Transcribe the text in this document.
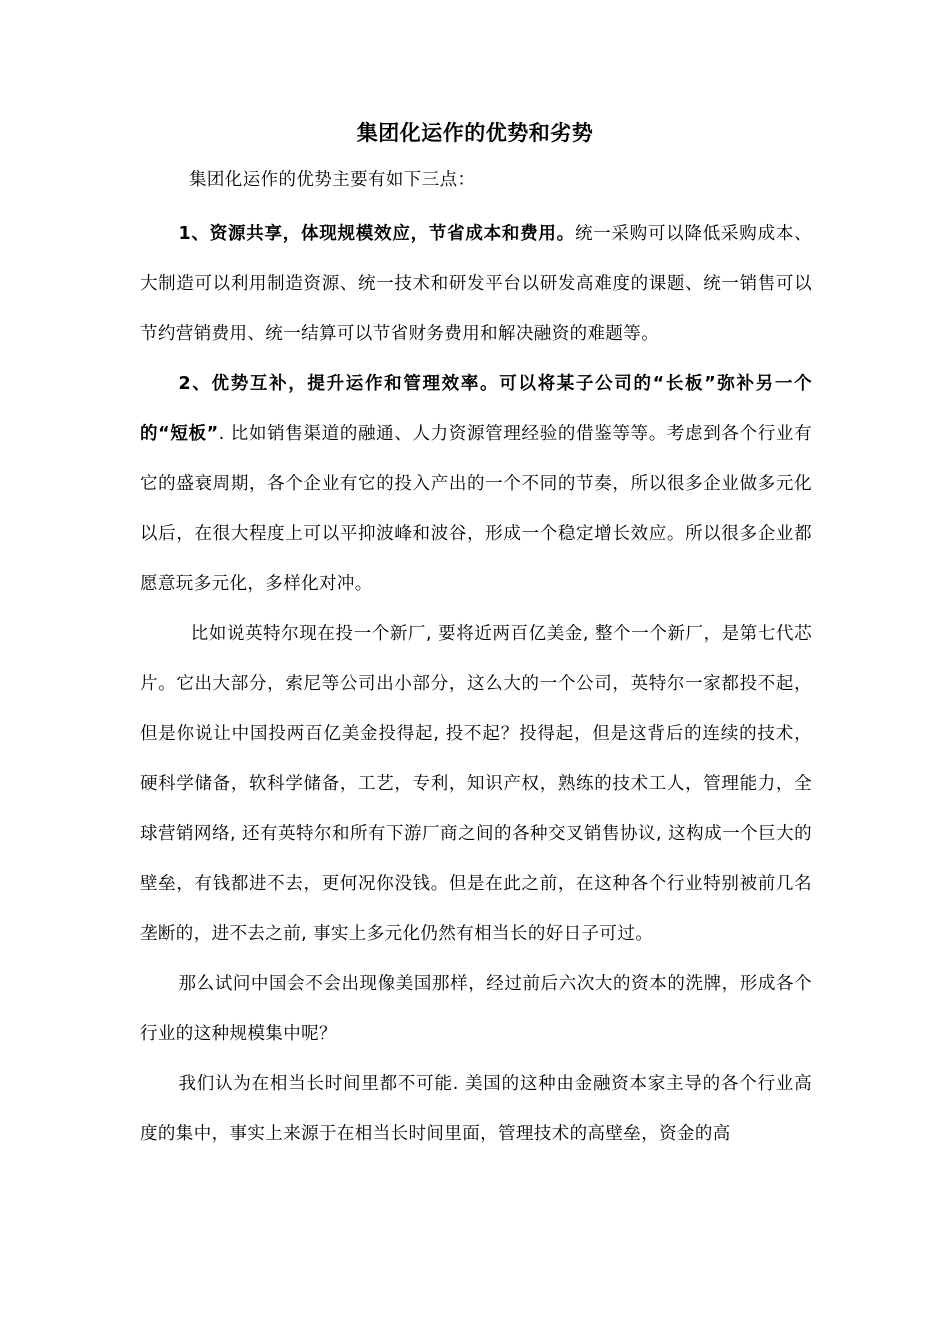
集团化运作的优势和劣势

集团化运作的优势主要有如下三点：

1、资源共享，体现规模效应，节省成本和费用。统一采购可以降低采购成本、大制造可以利用制造资源、统一技术和研发平台以研发高难度的课题、统一销售可以节约营销费用、统一结算可以节省财务费用和解决融资的难题等。

2、优势互补，提升运作和管理效率。可以将某子公司的“长板”弥补另一个的“短板”. 比如销售渠道的融通、人力资源管理经验的借鉴等等。考虑到各个行业有它的盛衰周期，各个企业有它的投入产出的一个不同的节奏，所以很多企业做多元化以后，在很大程度上可以平抑波峰和波谷，形成一个稳定增长效应。所以很多企业都愿意玩多元化，多样化对冲。

比如说英特尔现在投一个新厂, 要将近两百亿美金, 整个一个新厂，是第七代芯片。它出大部分，索尼等公司出小部分，这么大的一个公司，英特尔一家都投不起，但是你说让中国投两百亿美金投得起, 投不起？投得起，但是这背后的连续的技术，硬科学储备，软科学储备，工艺，专利，知识产权，熟练的技术工人，管理能力，全球营销网络, 还有英特尔和所有下游厂商之间的各种交叉销售协议, 这构成一个巨大的壁垒，有钱都进不去，更何况你没钱。但是在此之前，在这种各个行业特别被前几名垄断的，进不去之前, 事实上多元化仍然有相当长的好日子可过。

那么试问中国会不会出现像美国那样，经过前后六次大的资本的洗牌，形成各个行业的这种规模集中呢？

我们认为在相当长时间里都不可能. 美国的这种由金融资本家主导的各个行业高度的集中，事实上来源于在相当长时间里面，管理技术的高壁垒，资金的高
